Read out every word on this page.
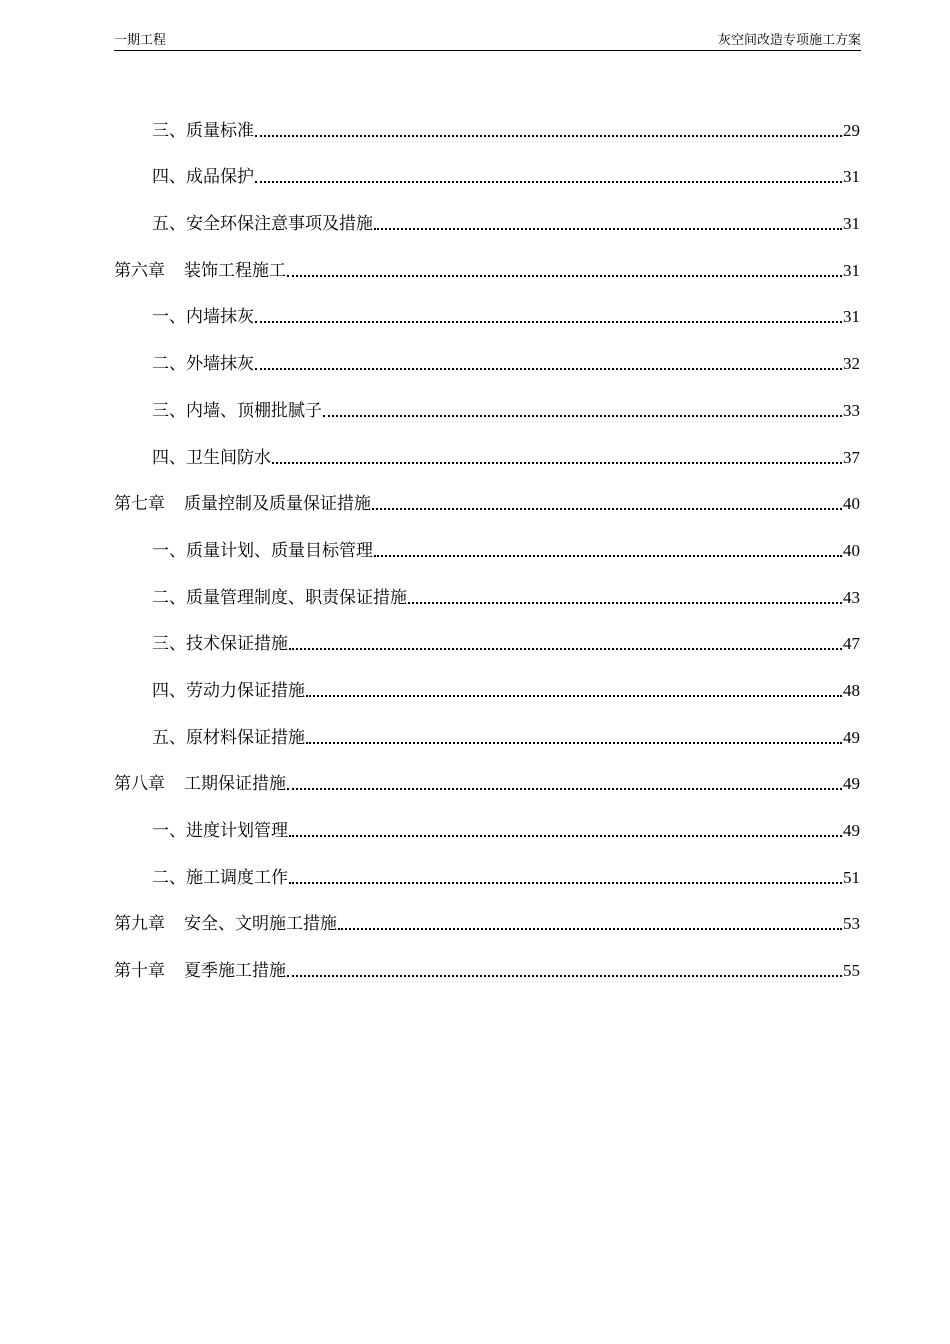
一期工程	灰空间改造专项施工方案
三、 质量标准	29
四、 成品保护	31
五、 安全环保注意事项及措施	31
第六章 装饰工程施工	31
一、 内墙抹灰	31
二、 外墙抹灰	32
三、 内墙、顶棚批腻子	33
四、 卫生间防水	37
第七章 质量控制及质量保证措施	40
一、 质量计划、质量目标管理	40
二、 质量管理制度、职责保证措施	43
三、 技术保证措施	47
四、 劳动力保证措施	48
五、 原材料保证措施	49
第八章 工期保证措施	49
一、 进度计划管理	49
二、 施工调度工作	51
第九章 安全、文明施工措施	53
第十章 夏季施工措施	55
